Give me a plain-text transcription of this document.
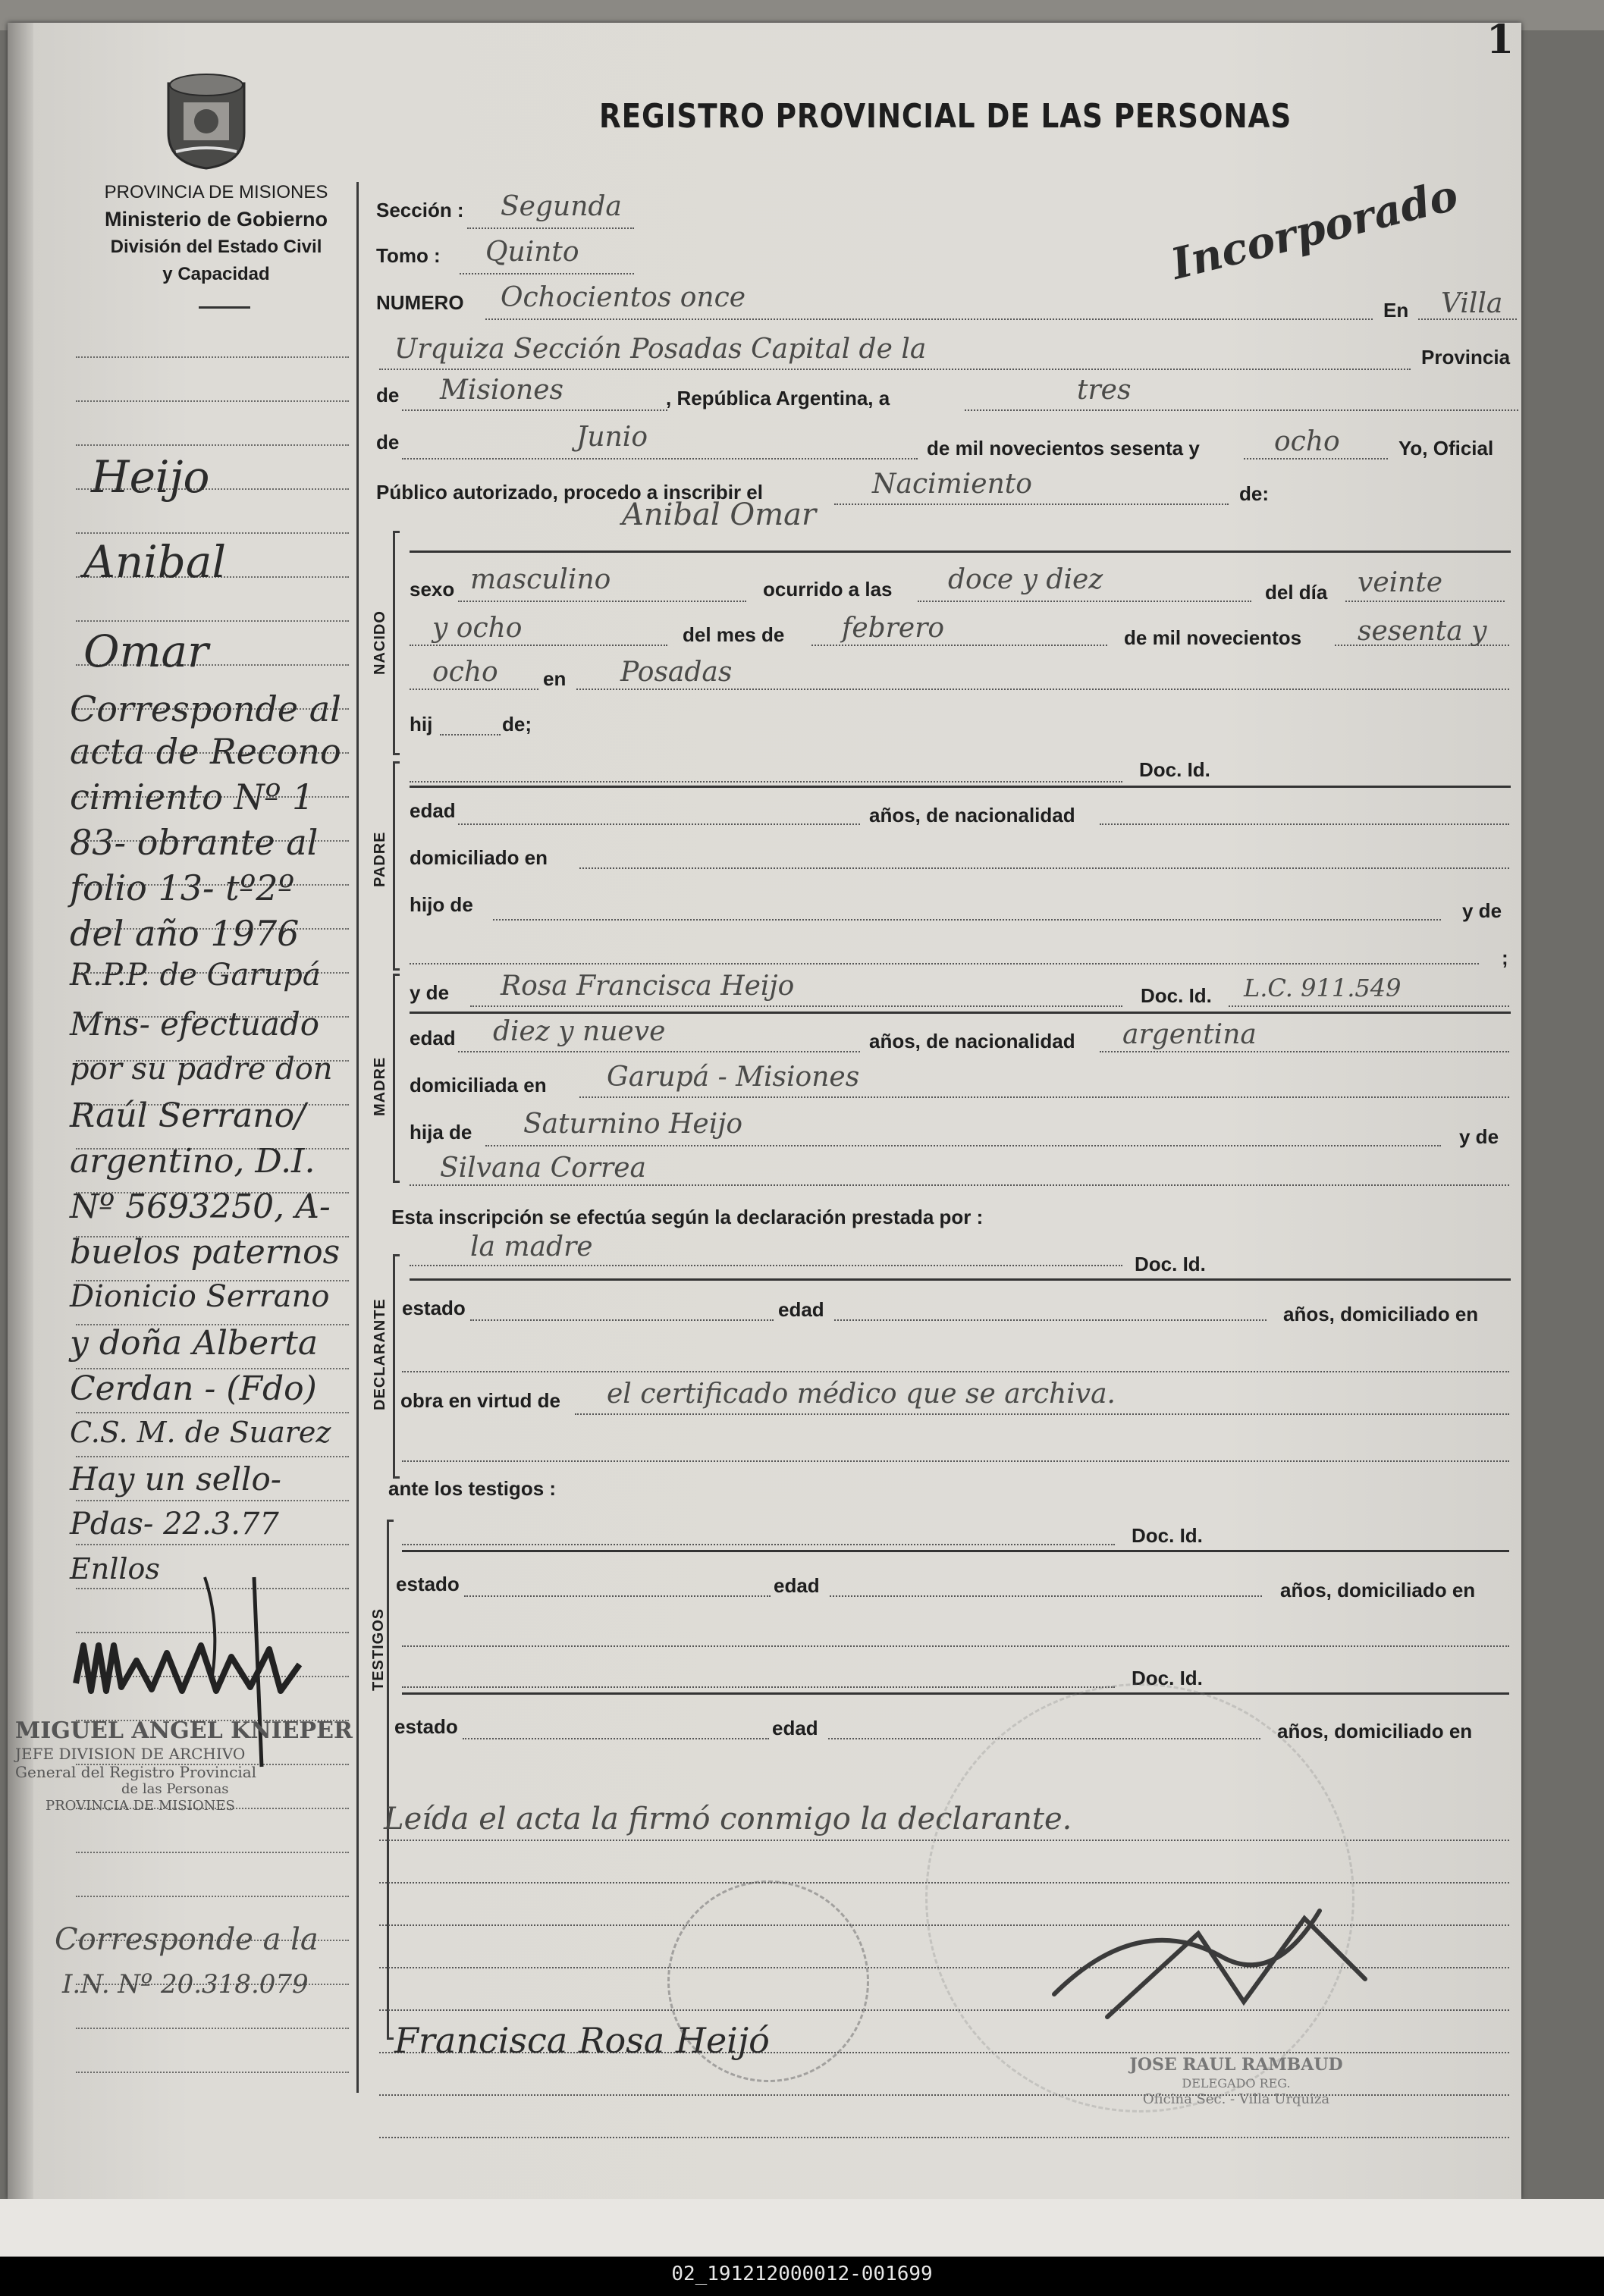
1
PROVINCIA DE MISIONES
Ministerio de Gobierno
División del Estado Civil
y Capacidad
Heijo
Anibal
Omar
Corresponde al
acta de Recono
cimiento Nº 1
83- obrante al
folio 13- tº2º
del año 1976
R.P.P. de Garupá
Mns- efectuado
por su padre don
Raúl Serrano/
argentino, D.I.
Nº 5693250, A-
buelos paternos
Dionicio Serrano
y doña Alberta
Cerdan - (Fdo)
C.S. M. de Suarez
Hay un sello-
Pdas- 22.3.77
Enllos
MIGUEL ANGEL KNIEPER
JEFE DIVISION DE ARCHIVO
General del Registro Provincial
de las Personas
PROVINCIA DE MISIONES
Corresponde a la
I.N. Nº 20.318.079
REGISTRO PROVINCIAL DE LAS PERSONAS
Sección : Segunda
Tomo : Quinto
NUMERO Ochocientos once
Incorporado
En Villa
Urquiza Sección Posadas Capital de la	Provincia
de Misiones	, República Argentina, a	tres
de	Junio	de mil novecientos sesenta y	ocho	Yo, Oficial
Público autorizado, procedo a inscribir el	Nacimiento	de:
NACIDO
Anibal Omar
sexo masculino	ocurrido a las doce y diez	del día veinte
y ocho	del mes de febrero	de mil novecientos sesenta y
ocho en Posadas
hij	de;
PADRE
Doc. Id.
edad	años, de nacionalidad
domiciliado en
hijo de	y de
;
MADRE
y de Rosa Francisca Heijo	Doc. Id. L.C. 911.549
edad diez y nueve	años, de nacionalidad argentina
domiciliada en Garupá - Misiones
hija de Saturnino Heijo	y de
Silvana Correa
Esta inscripción se efectúa según la declaración prestada por :
DECLARANTE
la madre
Doc. Id.
estado	edad	años, domiciliado en
obra en virtud de el certificado médico que se archiva.
ante los testigos :
TESTIGOS
Doc. Id.
estado	edad	años, domiciliado en
Doc. Id.
estado	edad	años, domiciliado en
Leída el acta la firmó conmigo la declarante.
Francisca Rosa Heijó
JOSE RAUL RAMBAUD
DELEGADO REG.
Oficina Sec. - Villa Urquiza
02_191212000012-001699
